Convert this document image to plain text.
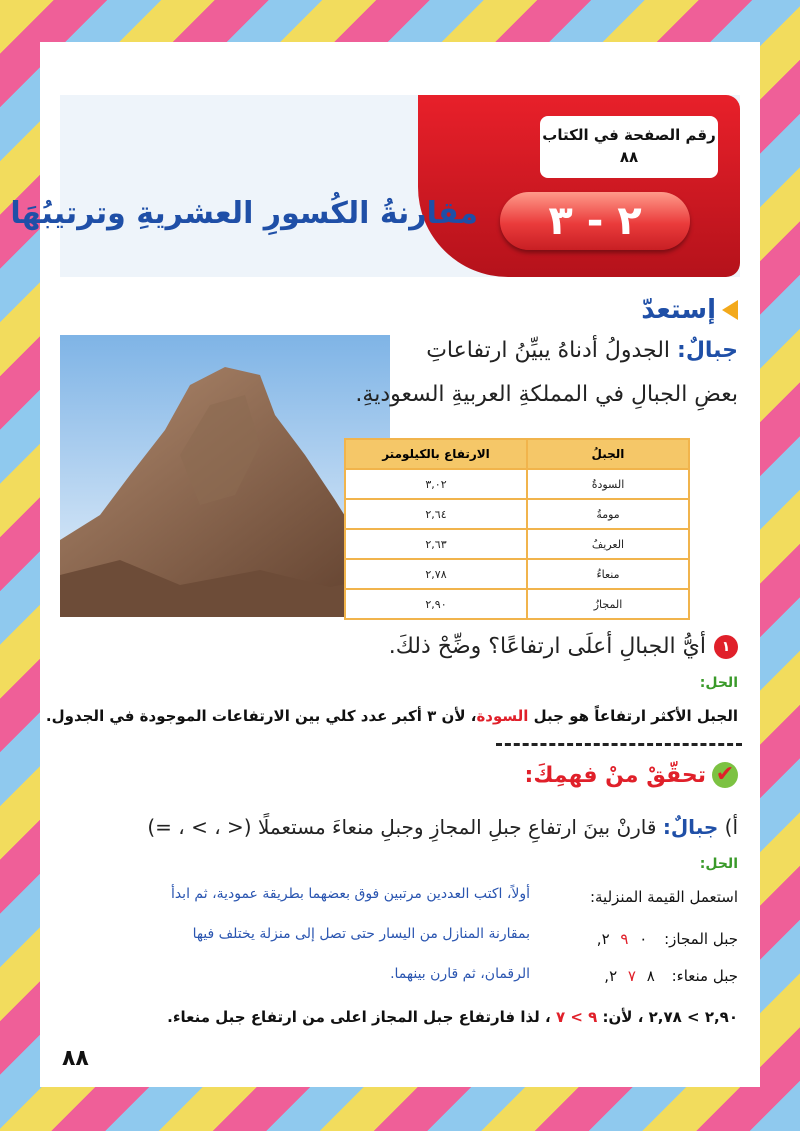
رقم الصفحة في الكتاب
٨٨
٢ - ٣
مقارنةُ الكُسورِ العشريةِ وترتيبُهَا
إستعدّ
جبالٌ: الجدولُ أدناهُ يبيِّنُ ارتفاعاتِ
بعضِ الجبالِ في المملكةِ العربيةِ السعوديةِ.
الجبلُ	الارتفاع بالكيلومتر
السودةُ	٣,٠٢
مومةُ	٢,٦٤
العريفُ	٢,٦٣
منعاءُ	٢,٧٨
المجازُ	٢,٩٠
١
أيُّ الجبالِ أعلَى ارتفاعًا؟ وضِّحْ ذلكَ.
الحل:
الجبل الأكثر ارتفاعاً هو جبل السودة، لأن ٣ أكبر عدد كلي بين الارتفاعات الموجودة في الجدول.
✔
تحقّقْ منْ فهمِكَ:
أ) جبالٌ: قارنْ بينَ ارتفاعِ جبلِ المجازِ وجبلِ منعاءَ مستعملًا (< ، > ، =)
الحل:
استعمل القيمة المنزلية:
جبل المجاز: ٠ ٩ ٢,
جبل منعاء: ٨ ٧ ٢,
أولاً، اكتب العددين مرتبين فوق بعضهما بطريقة عمودية، ثم ابدأ
بمقارنة المنازل من اليسار حتى تصل إلى منزلة يختلف فيها
الرقمان، ثم قارن بينهما.
٢,٩٠ > ٢,٧٨ ، لأن: ٩ > ٧ ، لذا فارتفاع جبل المجاز اعلى من ارتفاع جبل منعاء.
٨٨
